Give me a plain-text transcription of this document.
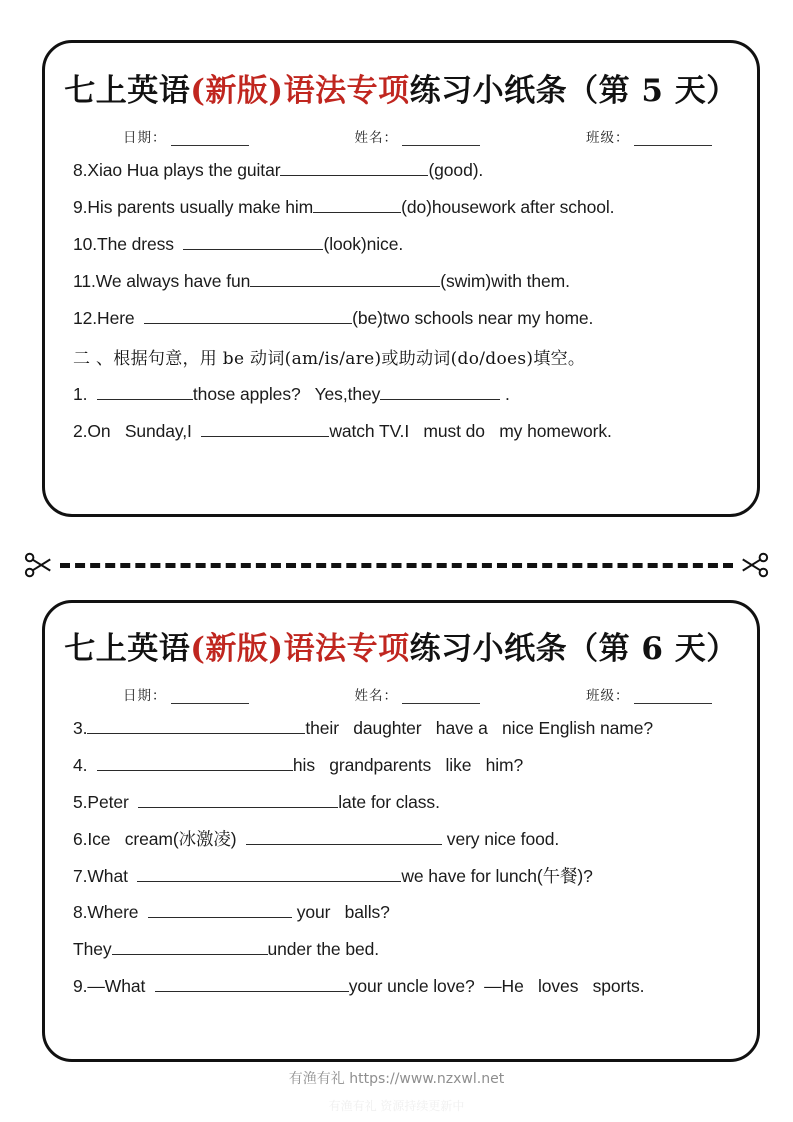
七上英语(新版)语法专项练习小纸条（第 5 天）
日期：	姓名：	班级：
8.Xiao Hua plays the guitar	(good).
9.His parents usually make him	(do)housework after school.
10.The dress	(look)nice.
11.We always have fun	(swim)with them.
12.Here	(be)two schools near my home.
二 、根据句意，用 be 动词(am/is/are)或助动词(do/does)填空。
1.	those apples?   Yes,they	.
2.On   Sunday,I	watch TV.I   must do   my homework.
七上英语(新版)语法专项练习小纸条（第 6 天）
日期：	姓名：	班级：
3.	their   daughter   have a   nice English name?
4.	his   grandparents   like   him?
5.Peter	late for class.
6.Ice   cream(冰激凌)	very nice food.
7.What	we have for lunch(午餐)?
8.Where	your   balls?
They	under the bed.
9.—What	your uncle love?  —He   loves   sports.
有渔有礼 https://www.nzxwl.net
有渔有礼 资源持续更新中
